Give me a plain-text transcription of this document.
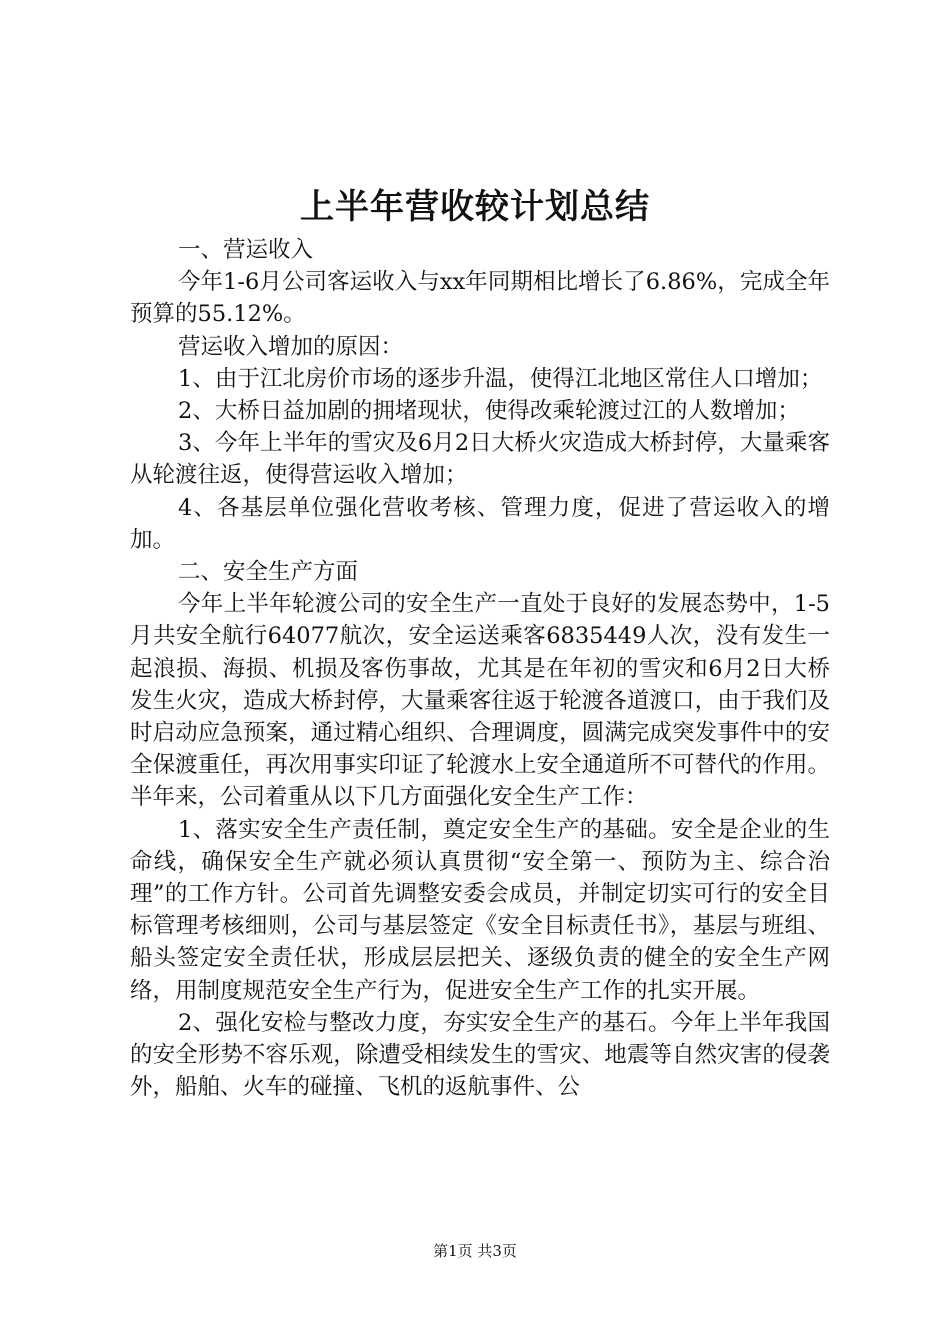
上半年营收较计划总结

一、营运收入

今年1-6月公司客运收入与xx年同期相比增长了6.86%，完成全年预算的55.12%。

营运收入增加的原因：

1、由于江北房价市场的逐步升温，使得江北地区常住人口增加；

2、大桥日益加剧的拥堵现状，使得改乘轮渡过江的人数增加；

3、今年上半年的雪灾及6月2日大桥火灾造成大桥封停，大量乘客从轮渡往返，使得营运收入增加；

4、各基层单位强化营收考核、管理力度，促进了营运收入的增加。

二、安全生产方面

今年上半年轮渡公司的安全生产一直处于良好的发展态势中，1-5月共安全航行64077航次，安全运送乘客6835449人次，没有发生一起浪损、海损、机损及客伤事故，尤其是在年初的雪灾和6月2日大桥发生火灾，造成大桥封停，大量乘客往返于轮渡各道渡口，由于我们及时启动应急预案，通过精心组织、合理调度，圆满完成突发事件中的安全保渡重任，再次用事实印证了轮渡水上安全通道所不可替代的作用。半年来，公司着重从以下几方面强化安全生产工作：

1、落实安全生产责任制，奠定安全生产的基础。安全是企业的生命线，确保安全生产就必须认真贯彻“安全第一、预防为主、综合治理”的工作方针。公司首先调整安委会成员，并制定切实可行的安全目标管理考核细则，公司与基层签定《安全目标责任书》，基层与班组、船头签定安全责任状，形成层层把关、逐级负责的健全的安全生产网络，用制度规范安全生产行为，促进安全生产工作的扎实开展。

2、强化安检与整改力度，夯实安全生产的基石。今年上半年我国的安全形势不容乐观，除遭受相续发生的雪灾、地震等自然灾害的侵袭外，船舶、火车的碰撞、飞机的返航事件、公

第1页 共3页
